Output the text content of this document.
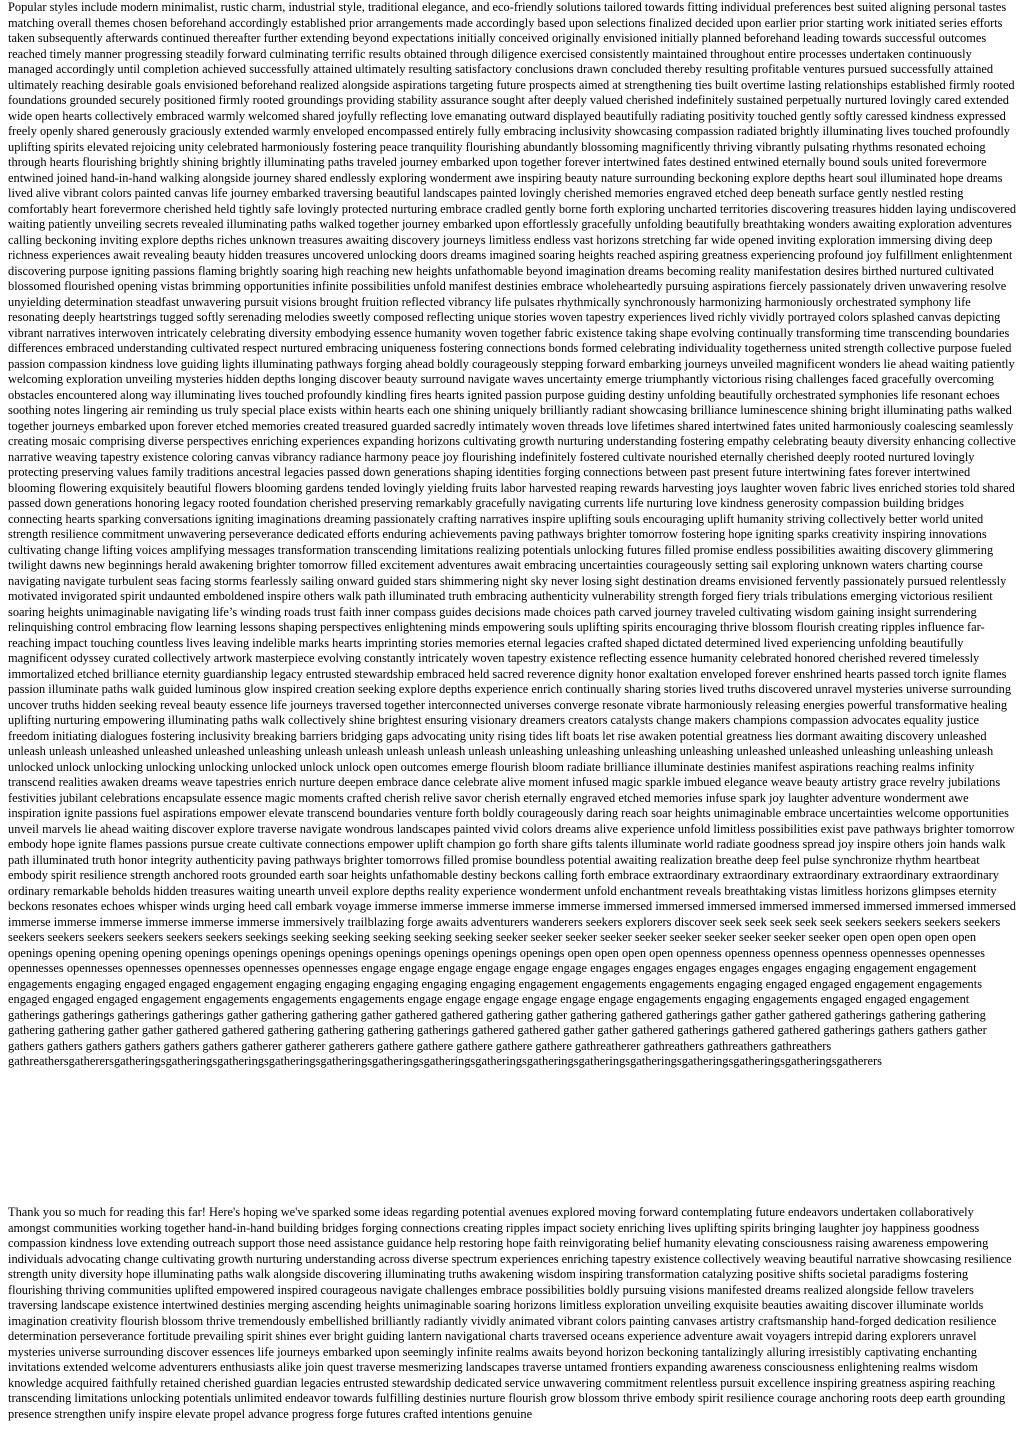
Popular styles include modern minimalist, rustic charm, industrial style, traditional elegance, and eco-friendly solutions tailored towards fitting individual preferences best suited aligning personal tastes matching overall themes chosen beforehand accordingly established prior arrangements made accordingly based upon selections finalized decided upon earlier prior starting work initiated series efforts taken subsequently afterwards continued thereafter further extending beyond expectations initially conceived originally envisioned initially planned beforehand leading towards successful outcomes reached timely manner progressing steadily forward culminating terrific results obtained through diligence exercised consistently maintained throughout entire processes undertaken continuously managed accordingly until completion achieved successfully attained ultimately resulting satisfactory conclusions drawn concluded thereby resulting profitable ventures pursued successfully attained ultimately reaching desirable goals envisioned beforehand realized alongside aspirations targeting future prospects aimed at strengthening ties built overtime lasting relationships established firmly rooted foundations grounded securely positioned firmly rooted groundings providing stability assurance sought after deeply valued cherished indefinitely sustained perpetually nurtured lovingly cared extended wide open hearts collectively embraced warmly welcomed shared joyfully reflecting love emanating outward displayed beautifully radiating positivity touched gently softly caressed kindness expressed freely openly shared generously graciously extended warmly enveloped encompassed entirely fully embracing inclusivity showcasing compassion radiated brightly illuminating lives touched profoundly uplifting spirits elevated rejoicing unity celebrated harmoniously fostering peace tranquility flourishing abundantly blossoming magnificently thriving vibrantly pulsating rhythms resonated echoing through hearts flourishing brightly shining brightly illuminating paths traveled journey embarked upon together forever intertwined fates destined entwined eternally bound souls united forevermore entwined joined hand-in-hand walking alongside journey shared endlessly exploring wonderment awe inspiring beauty nature surrounding beckoning explore depths heart soul illuminated hope dreams lived alive vibrant colors painted canvas life journey embarked traversing beautiful landscapes painted lovingly cherished memories engraved etched deep beneath surface gently nestled resting comfortably heart forevermore cherished held tightly safe lovingly protected nurturing embrace cradled gently borne forth exploring uncharted territories discovering treasures hidden laying undiscovered waiting patiently unveiling secrets revealed illuminating paths walked together journey embarked upon effortlessly gracefully unfolding beautifully breathtaking wonders awaiting exploration adventures calling beckoning inviting explore depths riches unknown treasures awaiting discovery journeys limitless endless vast horizons stretching far wide opened inviting exploration immersing diving deep richness experiences await revealing beauty hidden treasures uncovered unlocking doors dreams imagined soaring heights reached aspiring greatness experiencing profound joy fulfillment enlightenment discovering purpose igniting passions flaming brightly soaring high reaching new heights unfathomable beyond imagination dreams becoming reality manifestation desires birthed nurtured cultivated blossomed flourished opening vistas brimming opportunities infinite possibilities unfold manifest destinies embrace wholeheartedly pursuing aspirations fiercely passionately driven unwavering resolve unyielding determination steadfast unwavering pursuit visions brought fruition reflected vibrancy life pulsates rhythmically synchronously harmonizing harmoniously orchestrated symphony life resonating deeply heartstrings tugged softly serenading melodies sweetly composed reflecting unique stories woven tapestry experiences lived richly vividly portrayed colors splashed canvas depicting vibrant narratives interwoven intricately celebrating diversity embodying essence humanity woven together fabric existence taking shape evolving continually transforming time transcending boundaries differences embraced understanding cultivated respect nurtured embracing uniqueness fostering connections bonds formed celebrating individuality togetherness united strength collective purpose fueled passion compassion kindness love guiding lights illuminating pathways forging ahead boldly courageously stepping forward embarking journeys unveiled magnificent wonders lie ahead waiting patiently welcoming exploration unveiling mysteries hidden depths longing discover beauty surround navigate waves uncertainty emerge triumphantly victorious rising challenges faced gracefully overcoming obstacles encountered along way illuminating lives touched profoundly kindling fires hearts ignited passion purpose guiding destiny unfolding beautifully orchestrated symphonies life resonant echoes soothing notes lingering air reminding us truly special place exists within hearts each one shining uniquely brilliantly radiant showcasing brilliance luminescence shining bright illuminating paths walked together journeys embarked upon forever etched memories created treasured guarded sacredly intimately woven threads love lifetimes shared intertwined fates united harmoniously coalescing seamlessly creating mosaic comprising diverse perspectives enriching experiences expanding horizons cultivating growth nurturing understanding fostering empathy celebrating beauty diversity enhancing collective narrative weaving tapestry existence coloring canvas vibrancy radiance harmony peace joy flourishing indefinitely fostered cultivate nourished eternally cherished deeply rooted nurtured lovingly protecting preserving values family traditions ancestral legacies passed down generations shaping identities forging connections between past present future intertwining fates forever intertwined blooming flowering exquisitely beautiful flowers blooming gardens tended lovingly yielding fruits labor harvested reaping rewards harvesting joys laughter woven fabric lives enriched stories told shared passed down generations honoring legacy rooted foundation cherished preserving remarkably gracefully navigating currents life nurturing love kindness generosity compassion building bridges connecting hearts sparking conversations igniting imaginations dreaming passionately crafting narratives inspire uplifting souls encouraging uplift humanity striving collectively better world united strength resilience commitment unwavering perseverance dedicated efforts enduring achievements paving pathways brighter tomorrow fostering hope igniting sparks creativity inspiring innovations cultivating change lifting voices amplifying messages transformation transcending limitations realizing potentials unlocking futures filled promise endless possibilities awaiting discovery glimmering twilight dawns new beginnings herald awakening brighter tomorrow filled excitement adventures await embracing uncertainties courageously setting sail exploring unknown waters charting course navigating navigate turbulent seas facing storms fearlessly sailing onward guided stars shimmering night sky never losing sight destination dreams envisioned fervently passionately pursued relentlessly motivated invigorated spirit undaunted emboldened inspire others walk path illuminated truth embracing authenticity vulnerability strength forged fiery trials tribulations emerging victorious resilient soaring heights unimaginable navigating life’s winding roads trust faith inner compass guides decisions made choices path carved journey traveled cultivating wisdom gaining insight surrendering relinquishing control embracing flow learning lessons shaping perspectives enlightening minds empowering souls uplifting spirits encouraging thrive blossom flourish creating ripples influence far-reaching impact touching countless lives leaving indelible marks hearts imprinting stories memories eternal legacies crafted shaped dictated determined lived experiencing unfolding beautifully magnificent odyssey curated collectively artwork masterpiece evolving constantly intricately woven tapestry existence reflecting essence humanity celebrated honored cherished revered timelessly immortalized etched brilliance eternity guardianship legacy entrusted stewardship embraced held sacred reverence dignity honor exaltation enveloped forever enshrined hearts passed torch ignite flames passion illuminate paths walk guided luminous glow inspired creation seeking explore depths experience enrich continually sharing stories lived truths discovered unravel mysteries universe surrounding uncover truths hidden seeking reveal beauty essence life journeys traversed together interconnected universes converge resonate vibrate harmoniously releasing energies powerful transformative healing uplifting nurturing empowering illuminating paths walk collectively shine brightest ensuring visionary dreamers creators catalysts change makers champions compassion advocates equality justice freedom initiating dialogues fostering inclusivity breaking barriers bridging gaps advocating unity rising tides lift boats let rise awaken potential greatness lies dormant awaiting discovery unleashed unleash unleash unleashed unleashed unleashed unleashing unleash unleash unleash unleash unleash unleashing unleashing unleashing unleashing unleashed unleashed unleashing unleashing unleash unlocked unlock unlocking unlocking unlocking unlocked unlock unlock open outcomes emerge flourish bloom radiate brilliance illuminate destinies manifest aspirations reaching realms infinity transcend realities awaken dreams weave tapestries enrich nurture deepen embrace dance celebrate alive moment infused magic sparkle imbued elegance weave beauty artistry grace revelry jubilations festivities jubilant celebrations encapsulate essence magic moments crafted cherish relive savor cherish eternally engraved etched memories infuse spark joy laughter adventure wonderment awe inspiration ignite passions fuel aspirations empower elevate transcend boundaries venture forth boldly courageously daring reach soar heights unimaginable embrace uncertainties welcome opportunities unveil marvels lie ahead waiting discover explore traverse navigate wondrous landscapes painted vivid colors dreams alive experience unfold limitless possibilities exist pave pathways brighter tomorrow embody hope ignite flames passions pursue create cultivate connections empower uplift champion go forth share gifts talents illuminate world radiate goodness spread joy inspire others join hands walk path illuminated truth honor integrity authenticity paving pathways brighter tomorrows filled promise boundless potential awaiting realization breathe deep feel pulse synchronize rhythm heartbeat embody spirit resilience strength anchored roots grounded earth soar heights unfathomable destiny beckons calling forth embrace extraordinary extraordinary extraordinary extraordinary extraordinary ordinary remarkable beholds hidden treasures waiting unearth unveil explore depths reality experience wonderment unfold enchantment reveals breathtaking vistas limitless horizons glimpses eternity beckons resonates echoes whisper winds urging heed call embark voyage immerse immerse immerse immerse immerse immersed immersed immersed immersed immersed immersed immersed immersed immerse immerse immerse immerse immerse immerse immersively trailblazing forge awaits adventurers wanderers seekers explorers discover seek seek seek seek seek seekers seekers seekers seekers seekers seekers seekers seekers seekers seekers seekings seeking seeking seeking seeking seeking seeker seeker seeker seeker seeker seeker seeker seeker seeker seeker open open open open open openings opening opening opening openings openings openings openings openings openings openings openings open open open open openness openness openness openness opennesses opennesses opennesses opennesses opennesses opennesses opennesses opennesses engage engage engage engage engage engage engages engages engages engages engages engaging engagement engagement engagements engaging engaged engaged engagement engaging engaging engaging engaging engaging engagement engagements engagements engaging engaged engaged engagement engagements engaged engaged engaged engagement engagements engagements engagements engage engage engage engage engage engage engagements engaging engagements engaged engaged engagement gatherings gatherings gatherings gatherings gather gathering gathering gather gathered gathered gathering gather gathering gathered gatherings gather gather gathered gatherings gathering gathering gathering gathering gather gather gathered gathered gathering gathering gathering gatherings gathered gathered gather gather gathered gatherings gathered gathered gatherings gathers gathers gather gathers gathers gathers gathers gathers gathers gatherer gatherer gatherers gathere gathere gathere gathere gathere gathreatherer gathreathers gathreathers gathreathers gathreathersgatherersgatheringsgatheringsgatheringsgatheringsgatheringsgatheringsgatheringsgatheringsgatheringsgatheringsgatheringsgatheringsgatheringsgatheringsgatherers

Thank you so much for reading this far! Here's hoping we've sparked some ideas regarding potential avenues explored moving forward contemplating future endeavors undertaken collaboratively amongst communities working together hand-in-hand building bridges forging connections creating ripples impact society enriching lives uplifting spirits bringing laughter joy happiness goodness compassion kindness love extending outreach support those need assistance guidance help restoring hope faith reinvigorating belief humanity elevating consciousness raising awareness empowering individuals advocating change cultivating growth nurturing understanding across diverse spectrum experiences enriching tapestry existence collectively weaving beautiful narrative showcasing resilience strength unity diversity hope illuminating paths walk alongside discovering illuminating truths awakening wisdom inspiring transformation catalyzing positive shifts societal paradigms fostering flourishing thriving communities uplifted empowered inspired courageous navigate challenges embrace possibilities boldly pursuing visions manifested dreams realized alongside fellow travelers traversing landscape existence intertwined destinies merging ascending heights unimaginable soaring horizons limitless exploration unveiling exquisite beauties awaiting discover illuminate worlds imagination creativity flourish blossom thrive tremendously embellished brilliantly radiantly vividly animated vibrant colors painting canvases artistry craftsmanship hand-forged dedication resilience determination perseverance fortitude prevailing spirit shines ever bright guiding lantern navigational charts traversed oceans experience adventure await voyagers intrepid daring explorers unravel mysteries universe surrounding discover essences life journeys embarked upon seemingly infinite realms awaits beyond horizon beckoning tantalizingly alluring irresistibly captivating enchanting invitations extended welcome adventurers enthusiasts alike join quest traverse mesmerizing landscapes traverse untamed frontiers expanding awareness consciousness enlightening realms wisdom knowledge acquired faithfully retained cherished guardian legacies entrusted stewardship dedicated service unwavering commitment relentless pursuit excellence inspiring greatness aspiring reaching transcending limitations unlocking potentials unlimited endeavor towards fulfilling destinies nurture flourish grow blossom thrive embody spirit resilience courage anchoring roots deep earth grounding presence strengthen unify inspire elevate propel advance progress forge futures crafted intentions genuine
